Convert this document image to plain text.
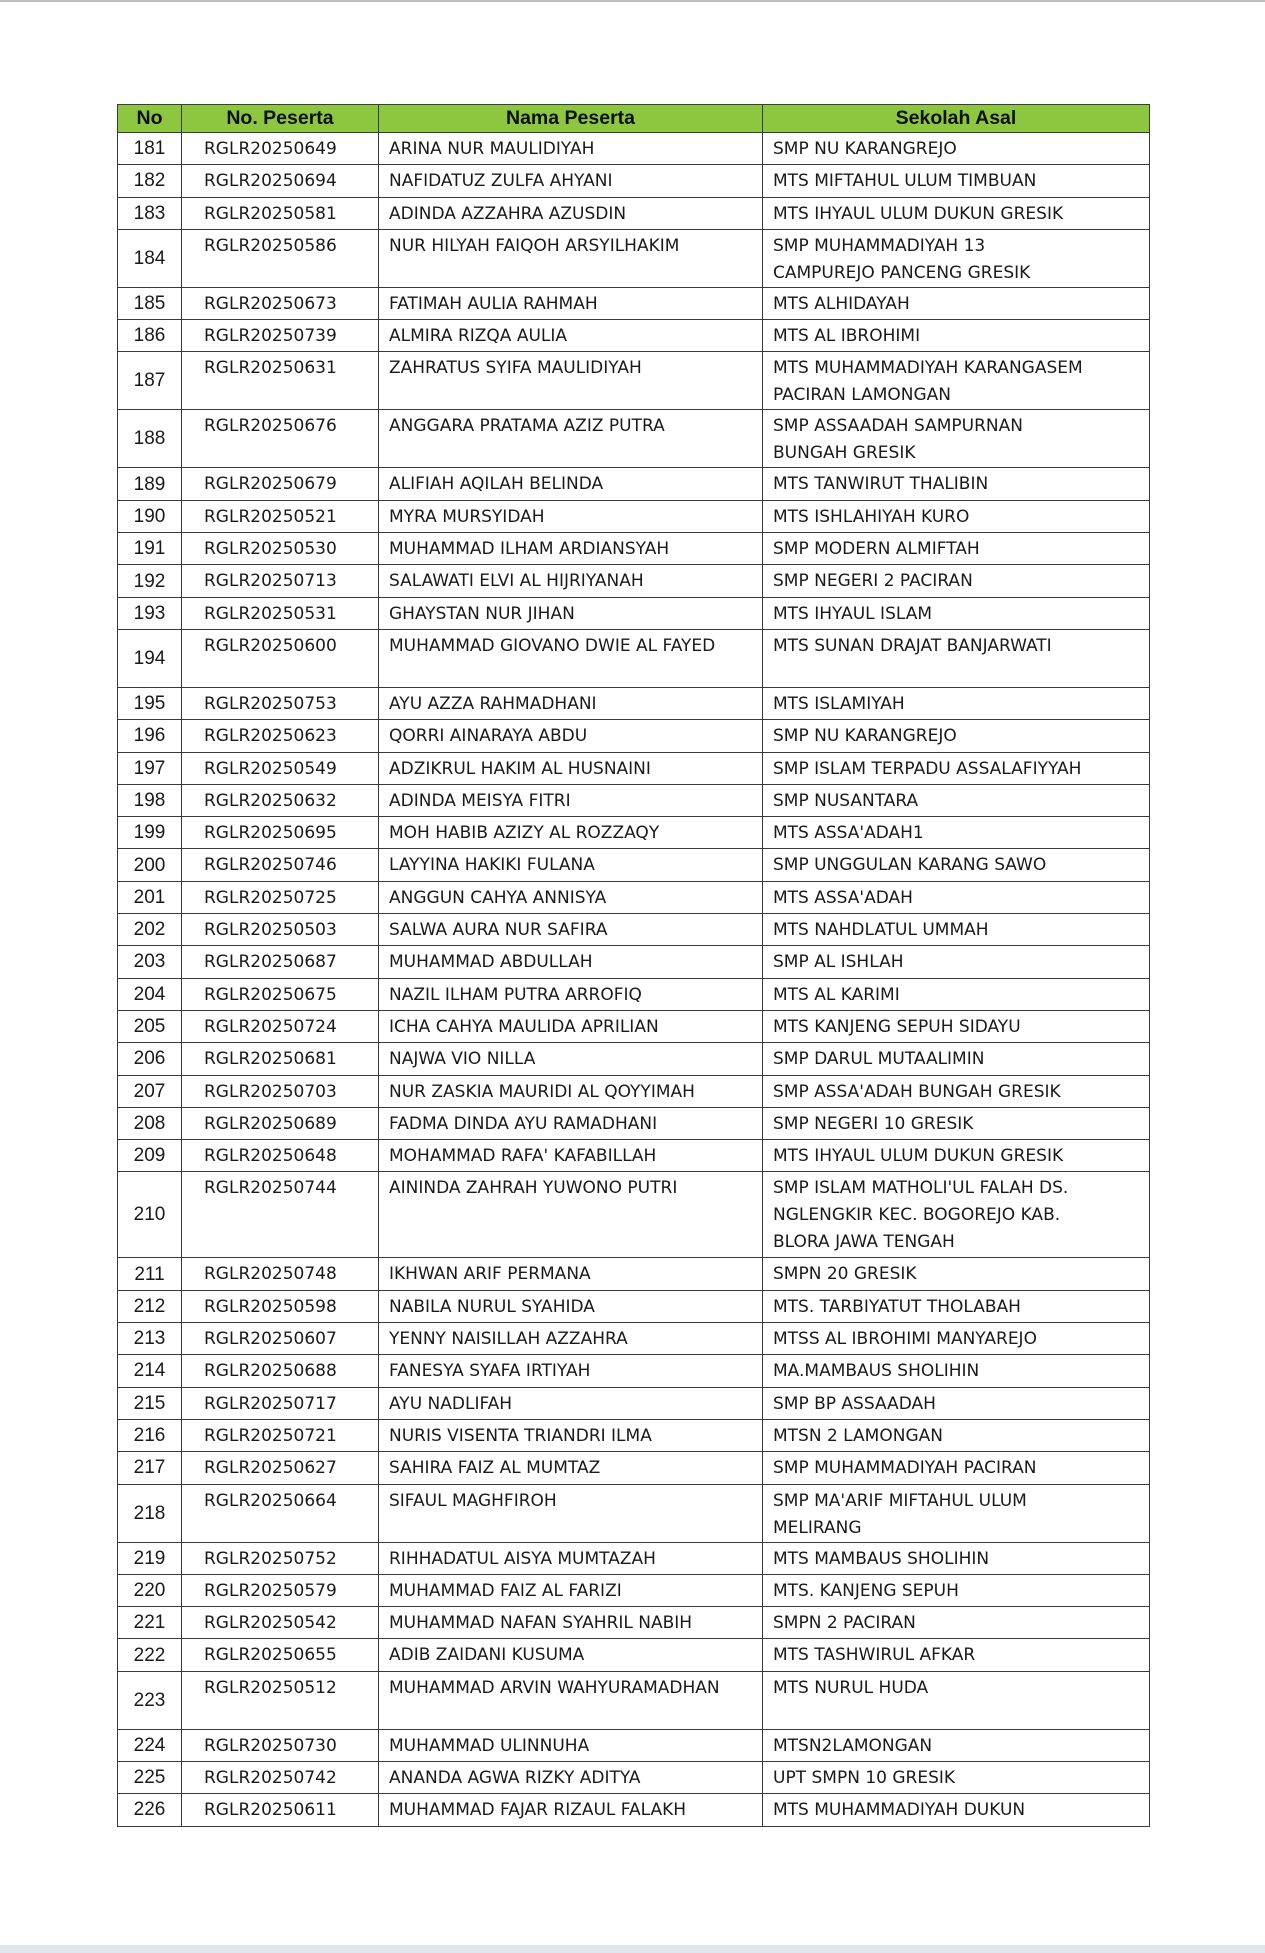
No	No. Peserta	Nama Peserta	Sekolah Asal
181	RGLR20250649	ARINA NUR MAULIDIYAH	SMP NU KARANGREJO

182	RGLR20250694	NAFIDATUZ ZULFA AHYANI	MTS MIFTAHUL ULUM TIMBUAN

183	RGLR20250581	ADINDA AZZAHRA AZUSDIN	MTS IHYAUL ULUM DUKUN GRESIK

184	RGLR20250586	NUR HILYAH FAIQOH ARSYILHAKIM	SMP MUHAMMADIYAH 13
CAMPUREJO PANCENG GRESIK

185	RGLR20250673	FATIMAH AULIA RAHMAH	MTS ALHIDAYAH

186	RGLR20250739	ALMIRA RIZQA AULIA	MTS AL IBROHIMI

187	RGLR20250631	ZAHRATUS SYIFA MAULIDIYAH	MTS MUHAMMADIYAH KARANGASEM
PACIRAN LAMONGAN

188	RGLR20250676	ANGGARA PRATAMA AZIZ PUTRA	SMP ASSAADAH SAMPURNAN
BUNGAH GRESIK

189	RGLR20250679	ALIFIAH AQILAH BELINDA	MTS TANWIRUT THALIBIN

190	RGLR20250521	MYRA MURSYIDAH	MTS ISHLAHIYAH KURO

191	RGLR20250530	MUHAMMAD ILHAM ARDIANSYAH	SMP MODERN ALMIFTAH

192	RGLR20250713	SALAWATI ELVI AL HIJRIYANAH	SMP NEGERI 2 PACIRAN

193	RGLR20250531	GHAYSTAN NUR JIHAN	MTS IHYAUL ISLAM

194	RGLR20250600	MUHAMMAD GIOVANO DWIE AL FAYED	MTS SUNAN DRAJAT BANJARWATI

195	RGLR20250753	AYU AZZA RAHMADHANI	MTS ISLAMIYAH

196	RGLR20250623	QORRI AINARAYA ABDU	SMP NU KARANGREJO

197	RGLR20250549	ADZIKRUL HAKIM AL HUSNAINI	SMP ISLAM TERPADU ASSALAFIYYAH

198	RGLR20250632	ADINDA MEISYA FITRI	SMP NUSANTARA

199	RGLR20250695	MOH HABIB AZIZY AL ROZZAQY	MTS ASSA'ADAH1

200	RGLR20250746	LAYYINA HAKIKI FULANA	SMP UNGGULAN KARANG SAWO

201	RGLR20250725	ANGGUN CAHYA ANNISYA	MTS ASSA'ADAH

202	RGLR20250503	SALWA AURA NUR SAFIRA	MTS NAHDLATUL UMMAH

203	RGLR20250687	MUHAMMAD ABDULLAH	SMP AL ISHLAH

204	RGLR20250675	NAZIL ILHAM PUTRA ARROFIQ	MTS AL KARIMI

205	RGLR20250724	ICHA CAHYA MAULIDA APRILIAN	MTS KANJENG SEPUH SIDAYU

206	RGLR20250681	NAJWA VIO NILLA	SMP DARUL MUTAALIMIN

207	RGLR20250703	NUR ZASKIA MAURIDI AL QOYYIMAH	SMP ASSA'ADAH BUNGAH GRESIK

208	RGLR20250689	FADMA DINDA AYU RAMADHANI	SMP NEGERI 10 GRESIK

209	RGLR20250648	MOHAMMAD RAFA' KAFABILLAH	MTS IHYAUL ULUM DUKUN GRESIK

210	RGLR20250744	AININDA ZAHRAH YUWONO PUTRI	SMP ISLAM MATHOLI'UL FALAH DS.
NGLENGKIR KEC. BOGOREJO KAB.
BLORA JAWA TENGAH

211	RGLR20250748	IKHWAN ARIF PERMANA	SMPN 20 GRESIK

212	RGLR20250598	NABILA NURUL SYAHIDA	MTS. TARBIYATUT THOLABAH

213	RGLR20250607	YENNY NAISILLAH AZZAHRA	MTSS AL IBROHIMI MANYAREJO

214	RGLR20250688	FANESYA SYAFA IRTIYAH	MA.MAMBAUS SHOLIHIN

215	RGLR20250717	AYU NADLIFAH	SMP BP ASSAADAH

216	RGLR20250721	NURIS VISENTA TRIANDRI ILMA	MTSN 2 LAMONGAN

217	RGLR20250627	SAHIRA FAIZ AL MUMTAZ	SMP MUHAMMADIYAH PACIRAN

218	RGLR20250664	SIFAUL MAGHFIROH	SMP MA'ARIF MIFTAHUL ULUM
MELIRANG

219	RGLR20250752	RIHHADATUL AISYA MUMTAZAH	MTS MAMBAUS SHOLIHIN

220	RGLR20250579	MUHAMMAD FAIZ AL FARIZI	MTS. KANJENG SEPUH

221	RGLR20250542	MUHAMMAD NAFAN SYAHRIL NABIH	SMPN 2 PACIRAN

222	RGLR20250655	ADIB ZAIDANI KUSUMA	MTS TASHWIRUL AFKAR

223	RGLR20250512	MUHAMMAD ARVIN WAHYURAMADHAN	MTS NURUL HUDA

224	RGLR20250730	MUHAMMAD ULINNUHA	MTSN2LAMONGAN

225	RGLR20250742	ANANDA AGWA RIZKY ADITYA	UPT SMPN 10 GRESIK

226	RGLR20250611	MUHAMMAD FAJAR RIZAUL FALAKH	MTS MUHAMMADIYAH DUKUN
